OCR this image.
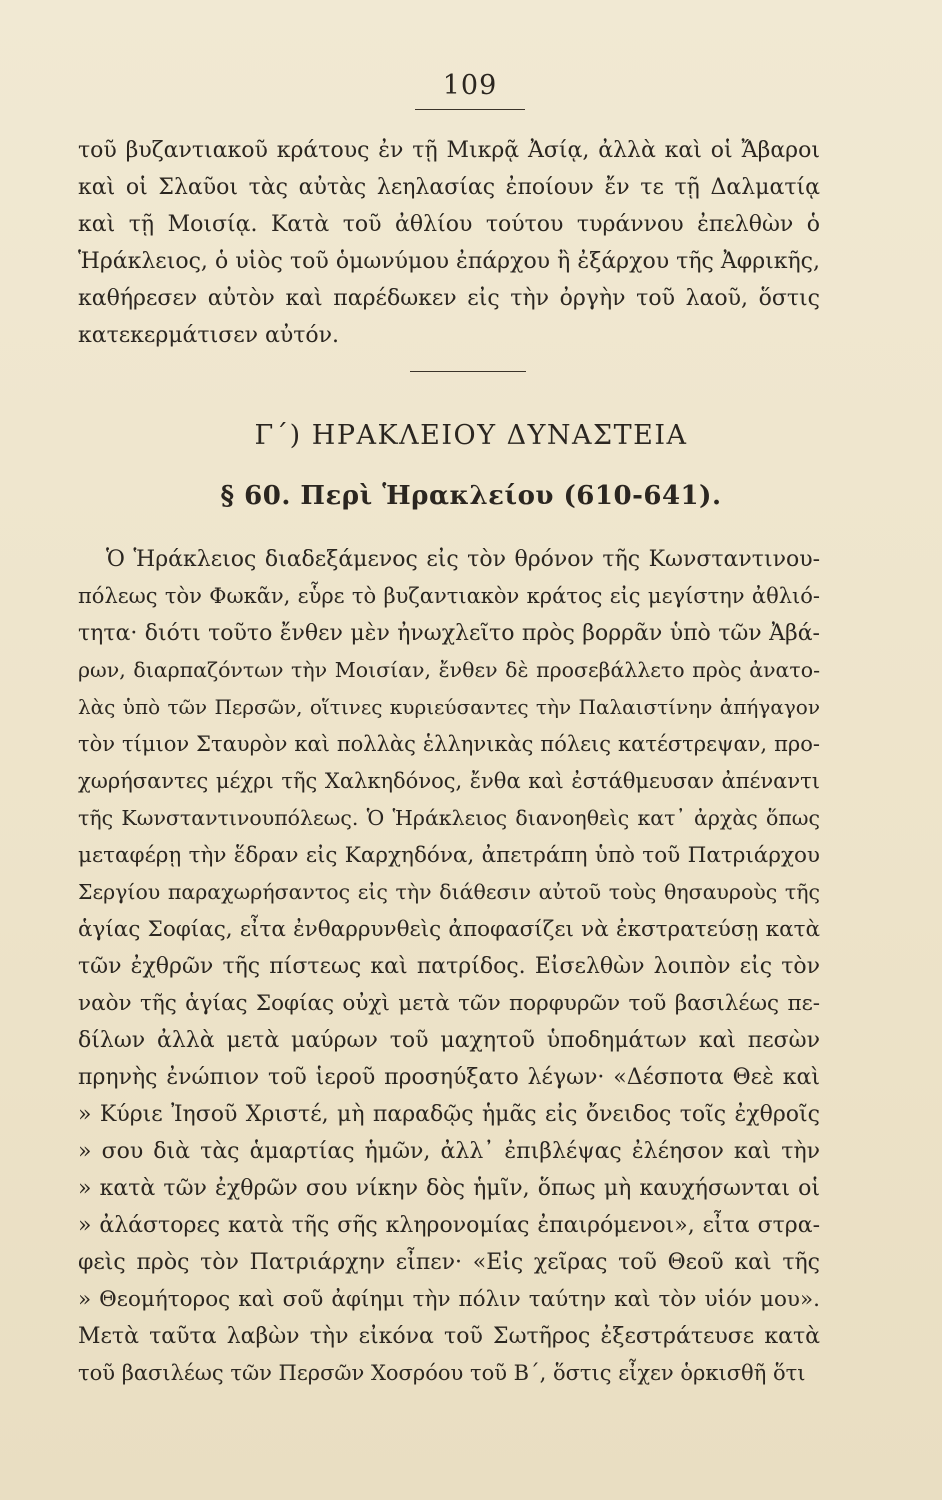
109
τοῦ βυζαντιακοῦ κράτους ἐν τῇ Μικρᾷ Ἀσίᾳ, ἀλλὰ καὶ οἱ Ἄβαροι
καὶ οἱ Σλαῦοι τὰς αὐτὰς λεηλασίας ἐποίουν ἔν τε τῇ Δαλματίᾳ
καὶ τῇ Μοισίᾳ. Κατὰ τοῦ ἀθλίου τούτου τυράννου ἐπελθὼν ὁ
Ἡράκλειος, ὁ υἱὸς τοῦ ὁμωνύμου ἐπάρχου ἢ ἐξάρχου τῆς Ἀφρικῆς,
καθήρεσεν αὐτὸν καὶ παρέδωκεν εἰς τὴν ὀργὴν τοῦ λαοῦ, ὅστις
κατεκερμάτισεν αὐτόν.
Γ΄) ΗΡΑΚΛΕΙΟΥ ΔΥΝΑΣΤΕΙΑ
§ 60. Περὶ Ἡρακλείου (610-641).
Ὁ Ἡράκλειος διαδεξάμενος εἰς τὸν θρόνον τῆς Κωνσταντινου-
πόλεως τὸν Φωκᾶν, εὗρε τὸ βυζαντιακὸν κράτος εἰς μεγίστην ἀθλιό-
τητα· διότι τοῦτο ἔνθεν μὲν ἠνωχλεῖτο πρὸς βορρᾶν ὑπὸ τῶν Ἀβά-
ρων, διαρπαζόντων τὴν Μοισίαν, ἔνθεν δὲ προσεβάλλετο πρὸς ἀνατο-
λὰς ὑπὸ τῶν Περσῶν, οἵτινες κυριεύσαντες τὴν Παλαιστίνην ἀπήγαγον
τὸν τίμιον Σταυρὸν καὶ πολλὰς ἑλληνικὰς πόλεις κατέστρεψαν, προ-
χωρήσαντες μέχρι τῆς Χαλκηδόνος, ἔνθα καὶ ἐστάθμευσαν ἀπέναντι
τῆς Κωνσταντινουπόλεως. Ὁ Ἡράκλειος διανοηθεὶς κατ᾽ ἀρχὰς ὅπως
μεταφέρῃ τὴν ἕδραν εἰς Καρχηδόνα, ἀπετράπη ὑπὸ τοῦ Πατριάρχου
Σεργίου παραχωρήσαντος εἰς τὴν διάθεσιν αὐτοῦ τοὺς θησαυροὺς τῆς
ἁγίας Σοφίας, εἶτα ἐνθαρρυνθεὶς ἀποφασίζει νὰ ἐκστρατεύσῃ κατὰ
τῶν ἐχθρῶν τῆς πίστεως καὶ πατρίδος. Εἰσελθὼν λοιπὸν εἰς τὸν
ναὸν τῆς ἁγίας Σοφίας οὐχὶ μετὰ τῶν πορφυρῶν τοῦ βασιλέως πε-
δίλων ἀλλὰ μετὰ μαύρων τοῦ μαχητοῦ ὑποδημάτων καὶ πεσὼν
πρηνὴς ἐνώπιον τοῦ ἱεροῦ προσηύξατο λέγων· «Δέσποτα Θεὲ καὶ
» Κύριε Ἰησοῦ Χριστέ, μὴ παραδῷς ἡμᾶς εἰς ὄνειδος τοῖς ἐχθροῖς
» σου διὰ τὰς ἁμαρτίας ἡμῶν, ἀλλ᾽ ἐπιβλέψας ἐλέησον καὶ τὴν
» κατὰ τῶν ἐχθρῶν σου νίκην δὸς ἡμῖν, ὅπως μὴ καυχήσωνται οἱ
» ἀλάστορες κατὰ τῆς σῆς κληρονομίας ἐπαιρόμενοι», εἶτα στρα-
φεὶς πρὸς τὸν Πατριάρχην εἶπεν· «Εἰς χεῖρας τοῦ Θεοῦ καὶ τῆς
» Θεομήτορος καὶ σοῦ ἀφίημι τὴν πόλιν ταύτην καὶ τὸν υἱόν μου».
Μετὰ ταῦτα λαβὼν τὴν εἰκόνα τοῦ Σωτῆρος ἐξεστράτευσε κατὰ
τοῦ βασιλέως τῶν Περσῶν Χοσρόου τοῦ Β΄, ὅστις εἶχεν ὁρκισθῆ ὅτι
